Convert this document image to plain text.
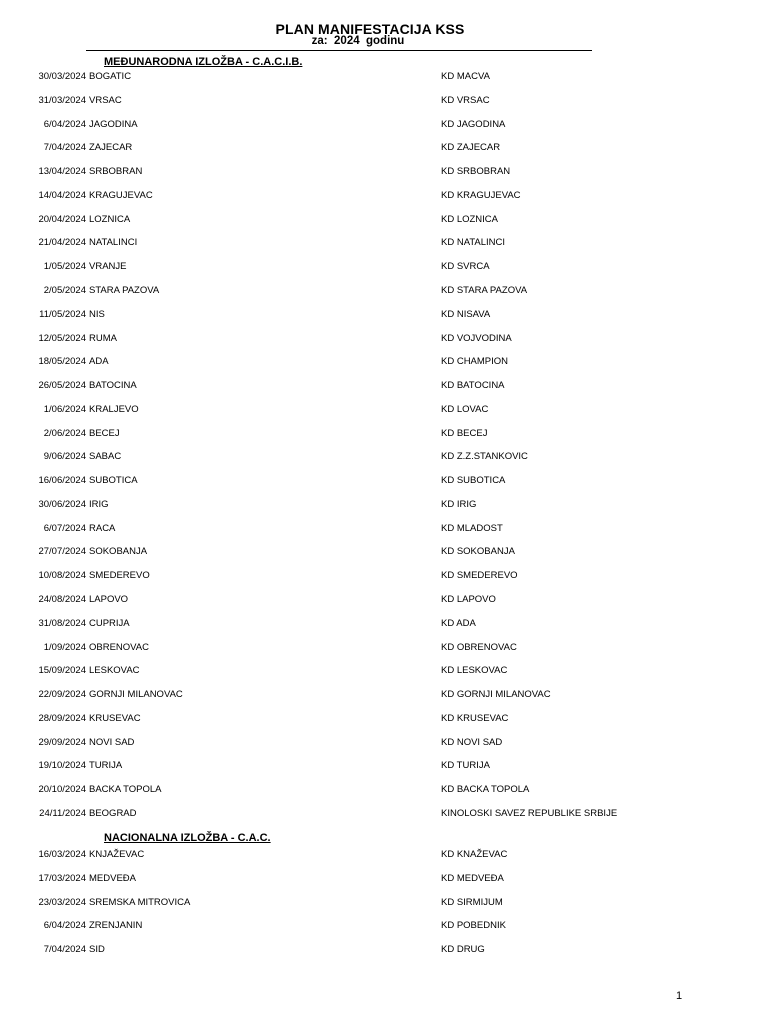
PLAN MANIFESTACIJA KSS
za:  2024  godinu
MEĐUNARODNA IZLOŽBA - C.A.C.I.B.
30/03/2024 BOGATIC	KD MACVA
31/03/2024 VRSAC	KD VRSAC
6/04/2024 JAGODINA	KD JAGODINA
7/04/2024 ZAJECAR	KD ZAJECAR
13/04/2024 SRBOBRAN	KD SRBOBRAN
14/04/2024 KRAGUJEVAC	KD KRAGUJEVAC
20/04/2024 LOZNICA	KD LOZNICA
21/04/2024 NATALINCI	KD NATALINCI
1/05/2024 VRANJE	KD SVRCA
2/05/2024 STARA PAZOVA	KD STARA PAZOVA
11/05/2024 NIS	KD NISAVA
12/05/2024 RUMA	KD VOJVODINA
18/05/2024 ADA	KD CHAMPION
26/05/2024 BATOCINA	KD BATOCINA
1/06/2024 KRALJEVO	KD LOVAC
2/06/2024 BECEJ	KD BECEJ
9/06/2024 SABAC	KD Z.Z.STANKOVIC
16/06/2024 SUBOTICA	KD SUBOTICA
30/06/2024 IRIG	KD IRIG
6/07/2024 RACA	KD MLADOST
27/07/2024 SOKOBANJA	KD SOKOBANJA
10/08/2024 SMEDEREVO	KD SMEDEREVO
24/08/2024 LAPOVO	KD LAPOVO
31/08/2024 CUPRIJA	KD ADA
1/09/2024 OBRENOVAC	KD OBRENOVAC
15/09/2024 LESKOVAC	KD LESKOVAC
22/09/2024 GORNJI MILANOVAC	KD GORNJI MILANOVAC
28/09/2024 KRUSEVAC	KD KRUSEVAC
29/09/2024 NOVI SAD	KD NOVI SAD
19/10/2024 TURIJA	KD TURIJA
20/10/2024 BACKA TOPOLA	KD BACKA TOPOLA
24/11/2024 BEOGRAD	KINOLOSKI SAVEZ REPUBLIKE SRBIJE
NACIONALNA IZLOŽBA - C.A.C.
16/03/2024 KNJAŽEVAC	KD KNAŽEVAC
17/03/2024 MEDVEĐA	KD MEDVEĐA
23/03/2024 SREMSKA MITROVICA	KD SIRMIJUM
6/04/2024 ZRENJANIN	KD POBEDNIK
7/04/2024 SID	KD DRUG
1
